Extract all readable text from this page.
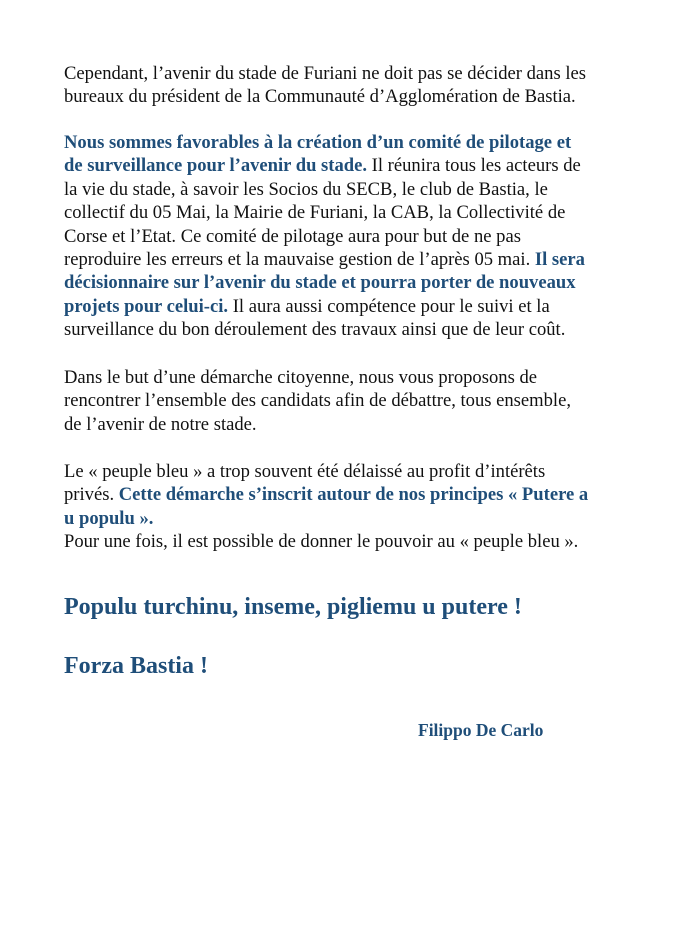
Cependant, l’avenir du stade de Furiani ne doit pas se décider dans les
bureaux du président de la Communauté d’Agglomération de Bastia.
Nous sommes favorables à la création d’un comité de pilotage et
de surveillance pour l’avenir du stade. Il réunira tous les acteurs de
la vie du stade, à savoir les Socios du SECB, le club de Bastia, le
collectif du 05 Mai, la Mairie de Furiani, la CAB, la Collectivité de
Corse et l’Etat. Ce comité de pilotage aura pour but de ne pas
reproduire les erreurs et la mauvaise gestion de l’après 05 mai. Il sera
décisionnaire sur l’avenir du stade et pourra porter de nouveaux
projets pour celui-ci. Il aura aussi compétence pour le suivi et la
surveillance du bon déroulement des travaux ainsi que de leur coût.
Dans le but d’une démarche citoyenne, nous vous proposons de
rencontrer l’ensemble des candidats afin de débattre, tous ensemble,
de l’avenir de notre stade.
Le « peuple bleu » a trop souvent été délaissé au profit d’intérêts
privés. Cette démarche s’inscrit autour de nos principes « Putere a
u populu ».
Pour une fois, il est possible de donner le pouvoir au « peuple bleu ».
Populu turchinu, inseme, pigliemu u putere !
Forza Bastia !
Filippo De Carlo
